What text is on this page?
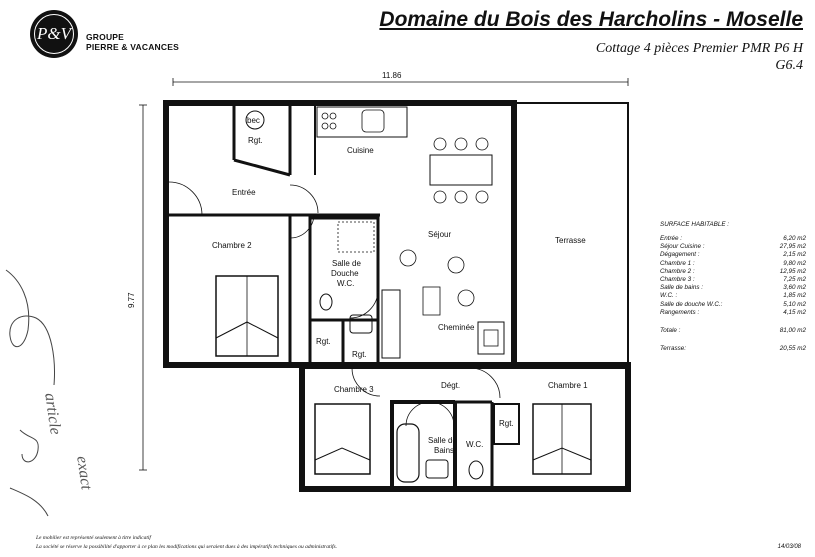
P&V	GROUPE
PIERRE & VACANCES
Domaine du Bois des Harcholins - Moselle
Cottage 4 pièces Premier PMR P6 H
G6.4
Rgt.
bec
Cuisine
Entrée
Chambre 2
Séjour
Terrasse
Salle de
Douche
W.C.
Cheminée
Rgt.
Rgt.
Chambre 3	Dégt.	Chambre 1
Rgt.
Salle de
Bains
W.C.
11.86
9.77
article
exact
SURFACE HABITABLE :
Entrée :	6,20 m2
Séjour Cuisine :	27,95 m2
Dégagement :	2,15 m2
Chambre 1 :	9,80 m2
Chambre 2 :	12,95 m2
Chambre 3 :	7,25 m2
Salle de bains :	3,60 m2
W.C. :	1,85 m2
Salle de douche W.C.:	5,10 m2
Rangements :	4,15 m2
Totale :	81,00 m2
Terrasse:	20,55 m2
Le mobilier est représenté seulement à titre indicatif
La société se réserve la possibilité d'apporter à ce plan les modifications qui seraient dues à des impératifs techniques ou administratifs.	14/03/08
